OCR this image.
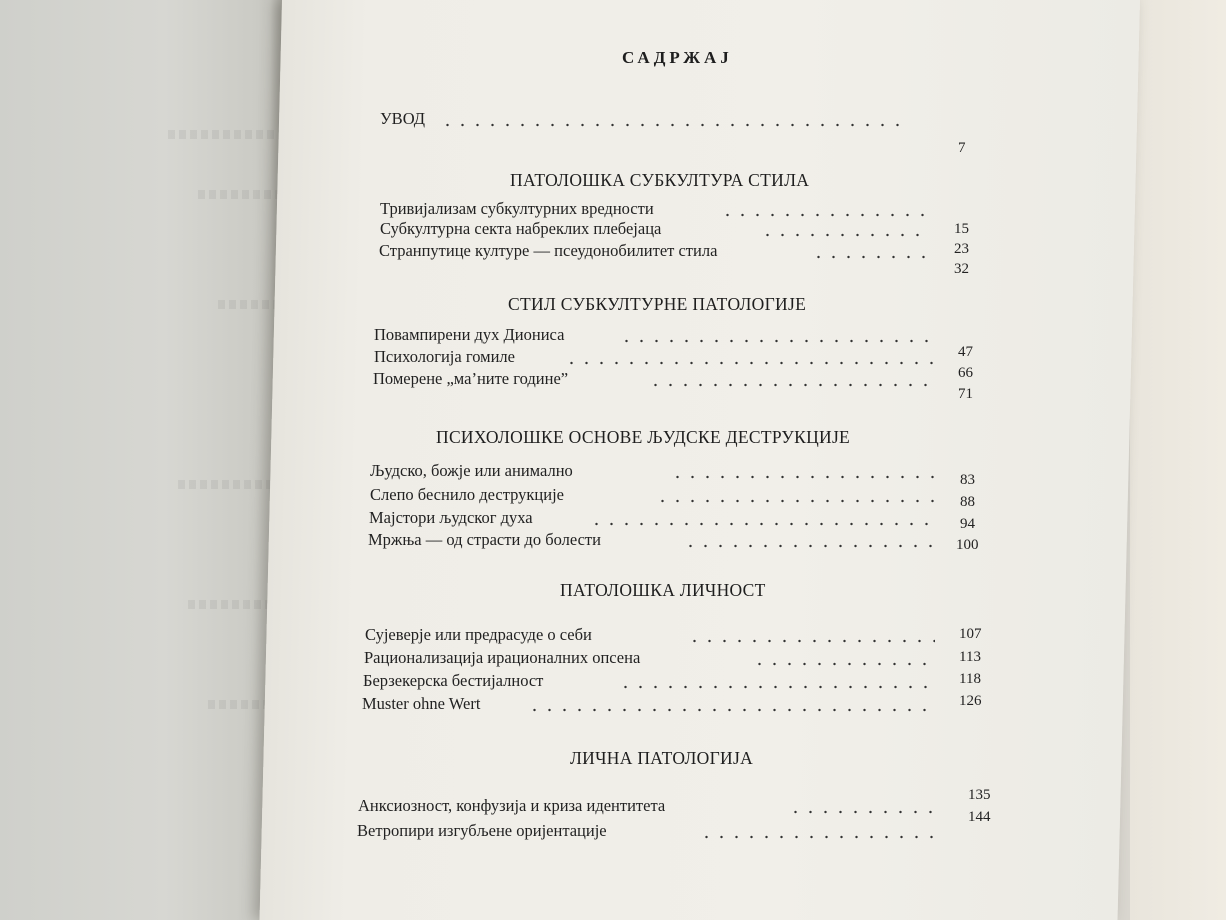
САДРЖАЈ
УВОД
7
ПАТОЛОШКА СУБКУЛТУРА СТИЛА
Тривијализам субкултурних вредности
Субкултурна секта набреклих плебејаца
Странпутице културе — псеудонобилитет стила
15
23
32
СТИЛ СУБКУЛТУРНЕ ПАТОЛОГИЈЕ
Повампирени дух Диониса
Психологија гомиле
Померене „ма’ните године”
47
66
71
ПСИХОЛОШКЕ ОСНОВЕ ЉУДСКЕ ДЕСТРУКЦИЈЕ
Људско, божје или анимално
Слепо беснило деструкције
Мајстори људског духа
Мржња — од страсти до болести
83
88
94
100
ПАТОЛОШКА ЛИЧНОСТ
Сујеверје или предрасуде о себи
Рационализација ирационалних опсена
Берзекерска бестијалност
Muster ohne Wert
107
113
118
126
ЛИЧНА ПАТОЛОГИЈА
Анксиозност, конфузија и криза идентитета
Ветропири изгубљене оријентације
135
144
